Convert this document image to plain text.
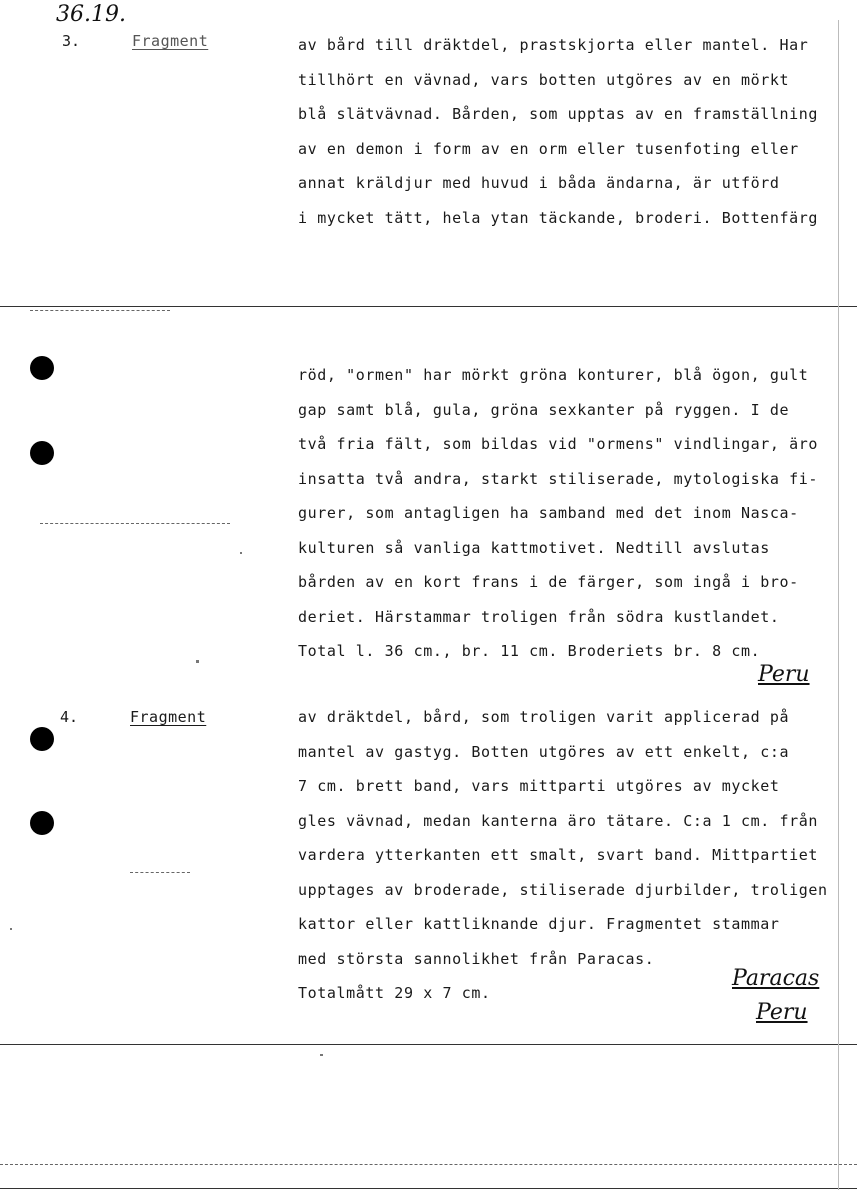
36.19.
3.	Fragment	av bård till dräktdel, prastskjorta eller mantel. Har
tillhört en vävnad, vars botten utgöres av en mörkt
blå slätvävnad. Bården, som upptas av en framställning
av en demon i form av en orm eller tusenfoting eller
annat kräldjur med huvud i båda ändarna, är utförd
i mycket tätt, hela ytan täckande, broderi. Bottenfärg
röd, "ormen" har mörkt gröna konturer, blå ögon, gult
gap samt blå, gula, gröna sexkanter på ryggen. I de
två fria fält, som bildas vid "ormens" vindlingar, äro
insatta två andra, starkt stiliserade, mytologiska fi-
gurer, som antagligen ha samband med det inom Nasca-
kulturen så vanliga kattmotivet. Nedtill avslutas
bården av en kort frans i de färger, som ingå i bro-
deriet. Härstammar troligen från södra kustlandet.
Total l. 36 cm., br. 11 cm. Broderiets br. 8 cm.
Peru
4.	Fragment	av dräktdel, bård, som troligen varit applicerad på
mantel av gastyg. Botten utgöres av ett enkelt, c:a
7 cm. brett band, vars mittparti utgöres av mycket
gles vävnad, medan kanterna äro tätare. C:a 1 cm. från
vardera ytterkanten ett smalt, svart band. Mittpartiet
upptages av broderade, stiliserade djurbilder, troligen
kattor eller kattliknande djur. Fragmentet stammar
med största sannolikhet från Paracas.
Totalmått 29 x 7 cm.
Paracas
Peru
